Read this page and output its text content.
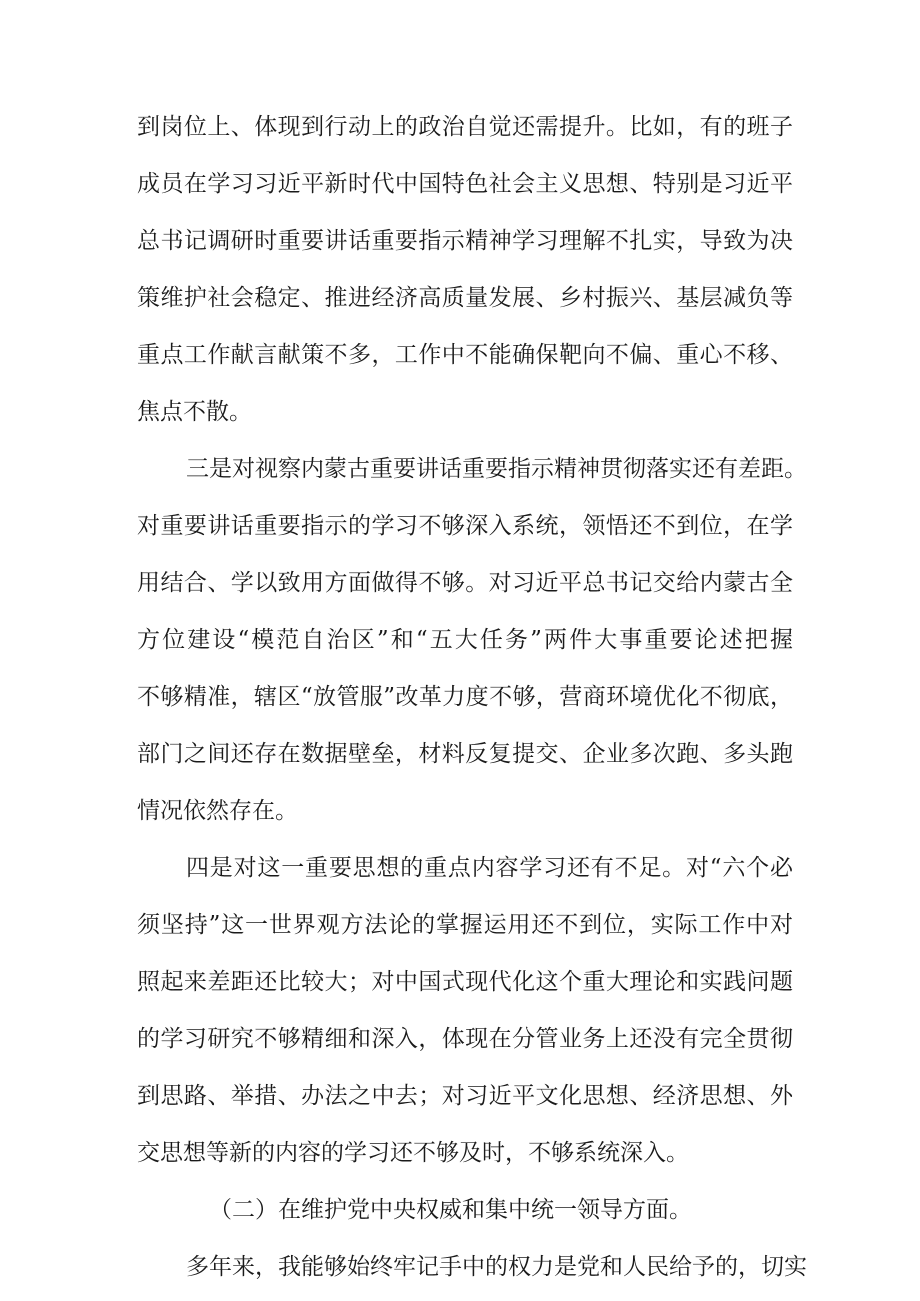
到岗位上、体现到行动上的政治自觉还需提升。比如，有的班子
成员在学习习近平新时代中国特色社会主义思想、特别是习近平
总书记调研时重要讲话重要指示精神学习理解不扎实，导致为决
策维护社会稳定、推进经济高质量发展、乡村振兴、基层减负等
重点工作献言献策不多，工作中不能确保靶向不偏、重心不移、
焦点不散。
三是对视察内蒙古重要讲话重要指示精神贯彻落实还有差距。
对重要讲话重要指示的学习不够深入系统，领悟还不到位，在学
用结合、学以致用方面做得不够。对习近平总书记交给内蒙古全
方位建设“模范自治区”和“五大任务”两件大事重要论述把握
不够精准，辖区“放管服”改革力度不够，营商环境优化不彻底，
部门之间还存在数据壁垒，材料反复提交、企业多次跑、多头跑
情况依然存在。
四是对这一重要思想的重点内容学习还有不足。对“六个必
须坚持”这一世界观方法论的掌握运用还不到位，实际工作中对
照起来差距还比较大；对中国式现代化这个重大理论和实践问题
的学习研究不够精细和深入，体现在分管业务上还没有完全贯彻
到思路、举措、办法之中去；对习近平文化思想、经济思想、外
交思想等新的内容的学习还不够及时，不够系统深入。
（二）在维护党中央权威和集中统一领导方面。
多年来，我能够始终牢记手中的权力是党和人民给予的，切实
